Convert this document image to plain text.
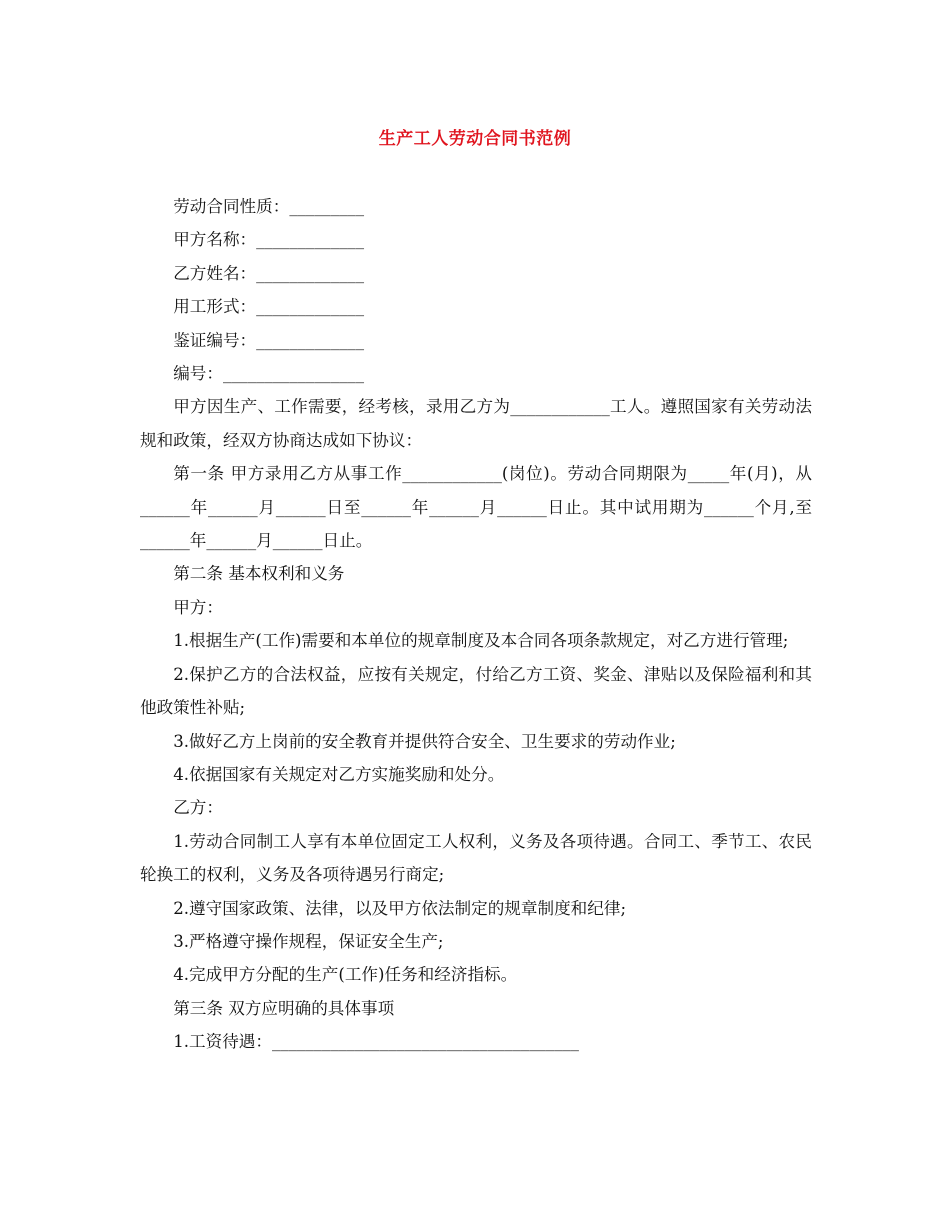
生产工人劳动合同书范例

劳动合同性质：_________

甲方名称：_____________

乙方姓名：_____________

用工形式：_____________

鉴证编号：_____________

编号：_________________

甲方因生产、工作需要，经考核，录用乙方为____________工人。遵照国家有关劳动法规和政策，经双方协商达成如下协议：

第一条 甲方录用乙方从事工作____________(岗位)。劳动合同期限为_____年(月)，从______年______月______日至______年______月______日止。其中试用期为______个月,至______年______月______日止。

第二条 基本权利和义务

甲方：

1.根据生产(工作)需要和本单位的规章制度及本合同各项条款规定，对乙方进行管理;

2.保护乙方的合法权益，应按有关规定，付给乙方工资、奖金、津贴以及保险福利和其他政策性补贴;

3.做好乙方上岗前的安全教育并提供符合安全、卫生要求的劳动作业;

4.依据国家有关规定对乙方实施奖励和处分。

乙方：

1.劳动合同制工人享有本单位固定工人权利，义务及各项待遇。合同工、季节工、农民轮换工的权利，义务及各项待遇另行商定;

2.遵守国家政策、法律，以及甲方依法制定的规章制度和纪律;

3.严格遵守操作规程，保证安全生产;

4.完成甲方分配的生产(工作)任务和经济指标。

第三条 双方应明确的具体事项

1.工资待遇：_____________________________________
